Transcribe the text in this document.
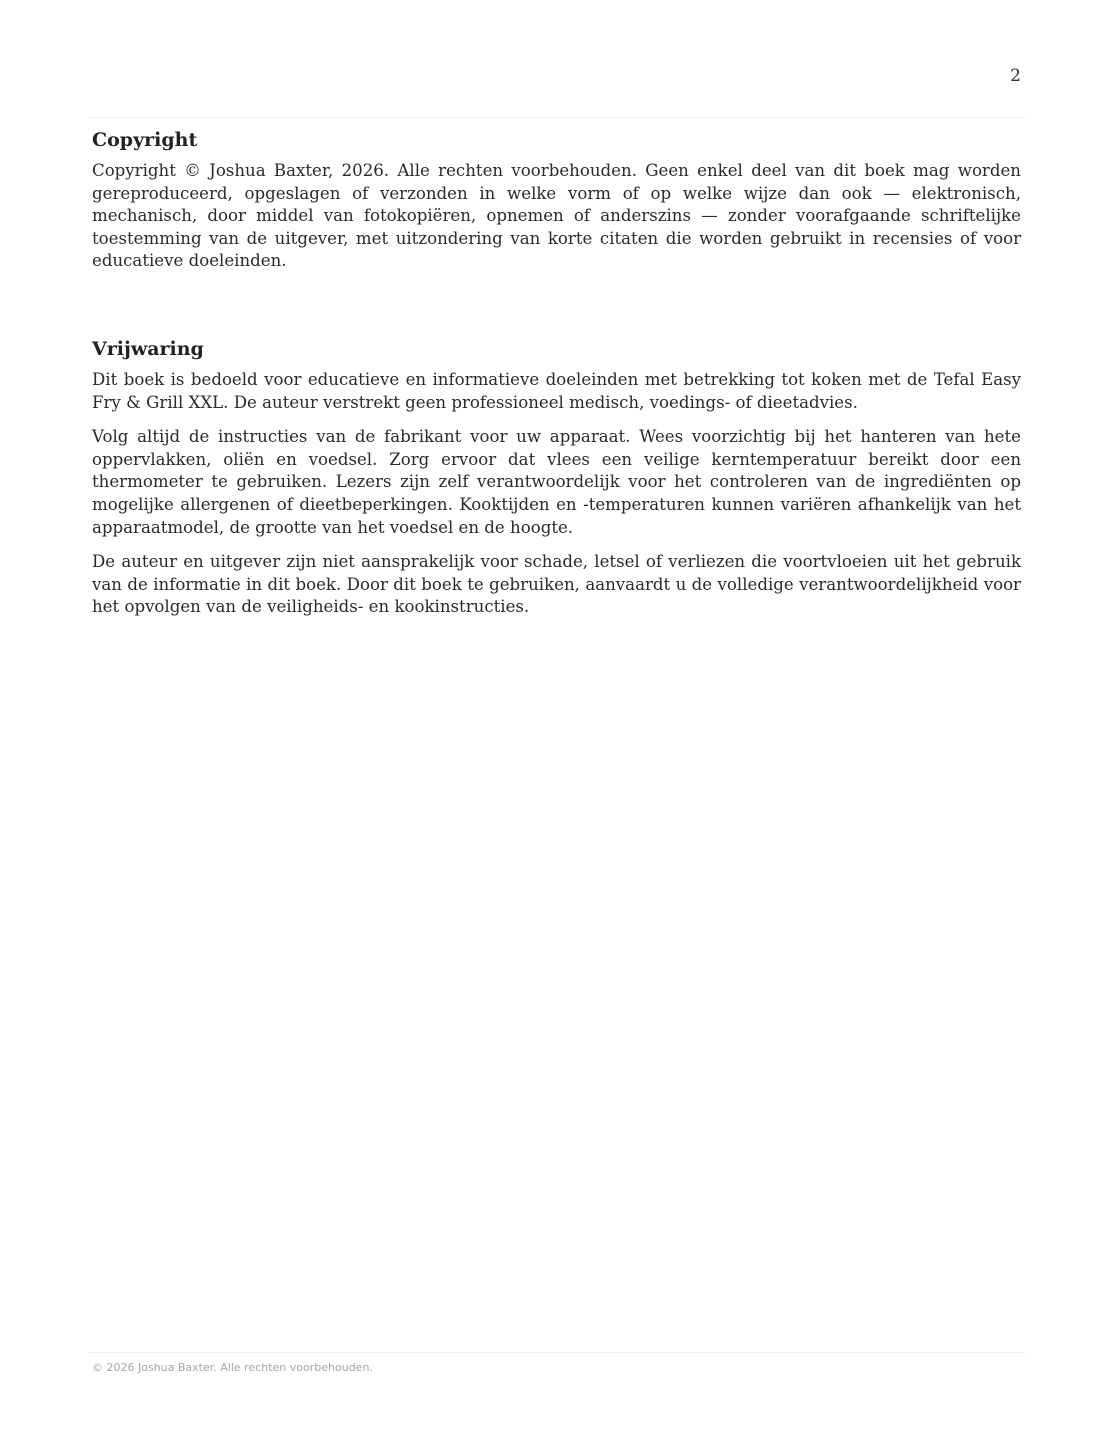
2
Copyright

Copyright © Joshua Baxter, 2026. Alle rechten voorbehouden. Geen enkel deel van dit boek mag worden gereproduceerd, opgeslagen of verzonden in welke vorm of op welke wijze dan ook — elektronisch, mechanisch, door middel van fotokopiëren, opnemen of anderszins — zonder voorafgaande schriftelijke toestemming van de uitgever, met uitzondering van korte citaten die worden gebruikt in recensies of voor educatieve doeleinden.

Vrijwaring

Dit boek is bedoeld voor educatieve en informatieve doeleinden met betrekking tot koken met de Tefal Easy Fry & Grill XXL. De auteur verstrekt geen professioneel medisch, voedings- of dieetadvies.

Volg altijd de instructies van de fabrikant voor uw apparaat. Wees voorzichtig bij het hanteren van hete oppervlakken, oliën en voedsel. Zorg ervoor dat vlees een veilige kerntemperatuur bereikt door een thermometer te gebruiken. Lezers zijn zelf verantwoordelijk voor het controleren van de ingrediënten op mogelijke allergenen of dieetbeperkingen. Kooktijden en -temperaturen kunnen variëren afhankelijk van het apparaatmodel, de grootte van het voedsel en de hoogte.

De auteur en uitgever zijn niet aansprakelijk voor schade, letsel of verliezen die voortvloeien uit het gebruik van de informatie in dit boek. Door dit boek te gebruiken, aanvaardt u de volledige verantwoordelijkheid voor het opvolgen van de veiligheids- en kookinstructies.

© 2026 Joshua Baxter. Alle rechten voorbehouden.
